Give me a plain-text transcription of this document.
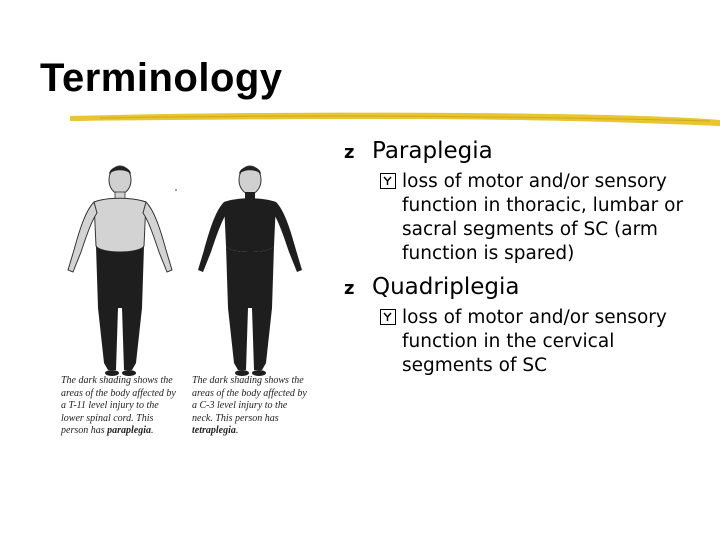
Terminology
z Paraplegia
loss of motor and/or sensory function in thoracic, lumbar or sacral segments of SC (arm function is spared)
z Quadriplegia
loss of motor and/or sensory function in the cervical segments of SC
The dark shading shows the areas of the body affected by a T-11 level injury to the lower spinal cord. This person has paraplegia.
The dark shading shows the areas of the body affected by a C-3 level injury to the neck. This person has tetraplegia.
